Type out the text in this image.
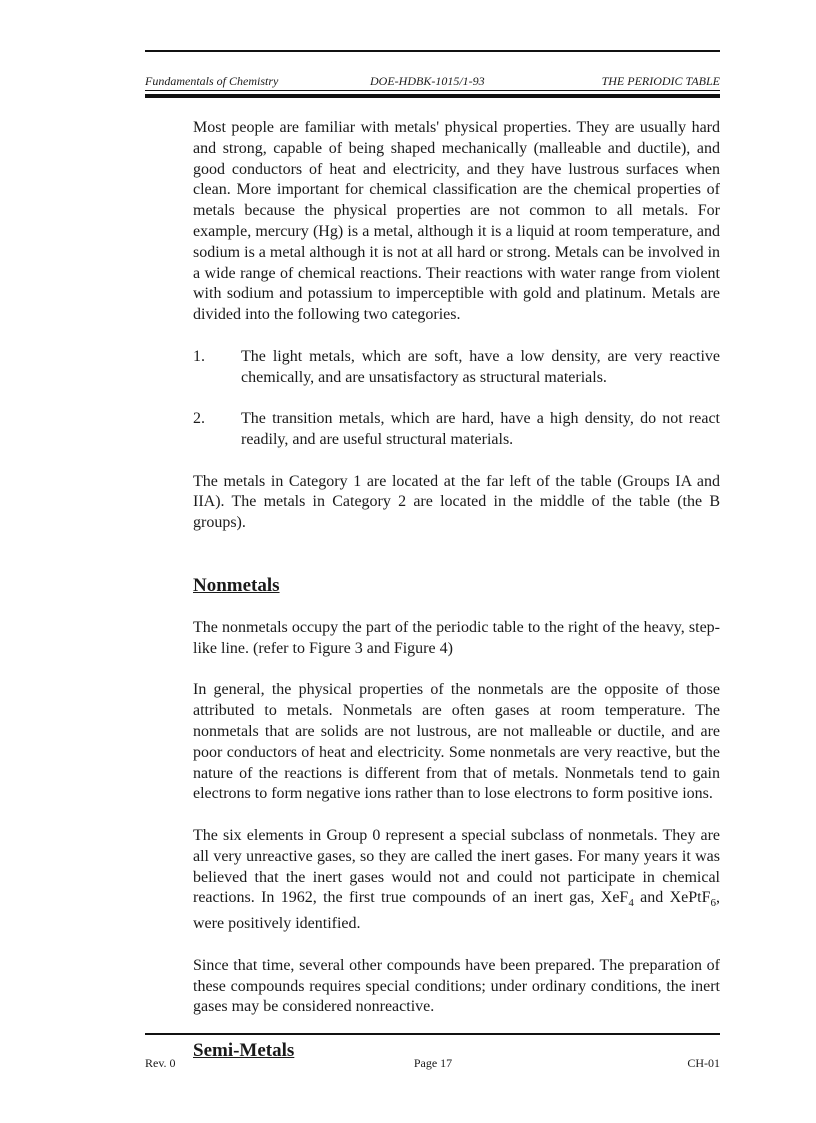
Fundamentals of Chemistry	DOE-HDBK-1015/1-93	THE PERIODIC TABLE

Most people are familiar with metals' physical properties. They are usually hard and strong, capable of being shaped mechanically (malleable and ductile), and good conductors of heat and electricity, and they have lustrous surfaces when clean. More important for chemical classification are the chemical properties of metals because the physical properties are not common to all metals. For example, mercury (Hg) is a metal, although it is a liquid at room temperature, and sodium is a metal although it is not at all hard or strong. Metals can be involved in a wide range of chemical reactions. Their reactions with water range from violent with sodium and potassium to imperceptible with gold and platinum. Metals are divided into the following two categories.

1.	The light metals, which are soft, have a low density, are very reactive chemically, and are unsatisfactory as structural materials.
2.	The transition metals, which are hard, have a high density, do not react readily, and are useful structural materials.

The metals in Category 1 are located at the far left of the table (Groups IA and IIA). The metals in Category 2 are located in the middle of the table (the B groups).

Nonmetals

The nonmetals occupy the part of the periodic table to the right of the heavy, step-like line. (refer to Figure 3 and Figure 4)

In general, the physical properties of the nonmetals are the opposite of those attributed to metals. Nonmetals are often gases at room temperature. The nonmetals that are solids are not lustrous, are not malleable or ductile, and are poor conductors of heat and electricity. Some nonmetals are very reactive, but the nature of the reactions is different from that of metals. Nonmetals tend to gain electrons to form negative ions rather than to lose electrons to form positive ions.

The six elements in Group 0 represent a special subclass of nonmetals. They are all very unreactive gases, so they are called the inert gases. For many years it was believed that the inert gases would not and could not participate in chemical reactions. In 1962, the first true compounds of an inert gas, XeF$_4$ and XePtF$_6$, were positively identified.

Since that time, several other compounds have been prepared. The preparation of these compounds requires special conditions; under ordinary conditions, the inert gases may be considered nonreactive.

Semi-Metals
Rev. 0	Page 17	CH-01
